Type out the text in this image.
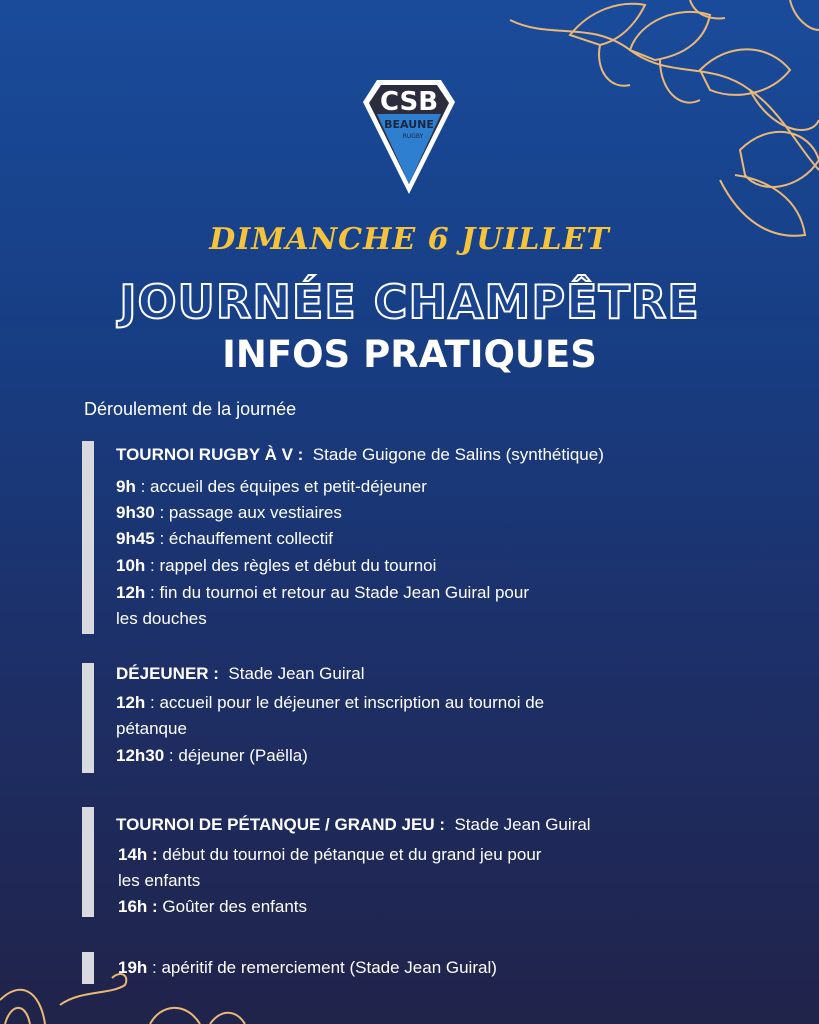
CSB
BEAUNE
RUGBY
DIMANCHE 6 JUILLET
JOURNÉE CHAMPÊTRE
INFOS PRATIQUES
Déroulement de la journée
TOURNOI RUGBY À V : Stade Guigone de Salins (synthétique)
9h : accueil des équipes et petit-déjeuner
9h30 : passage aux vestiaires
9h45 : échauffement collectif
10h : rappel des règles et début du tournoi
12h : fin du tournoi et retour au Stade Jean Guiral pour
les douches
DÉJEUNER : Stade Jean Guiral
12h : accueil pour le déjeuner et inscription au tournoi de
pétanque
12h30 : déjeuner (Paëlla)
TOURNOI DE PÉTANQUE / GRAND JEU : Stade Jean Guiral
14h : début du tournoi de pétanque et du grand jeu pour
les enfants
16h : Goûter des enfants
19h : apéritif de remerciement (Stade Jean Guiral)
